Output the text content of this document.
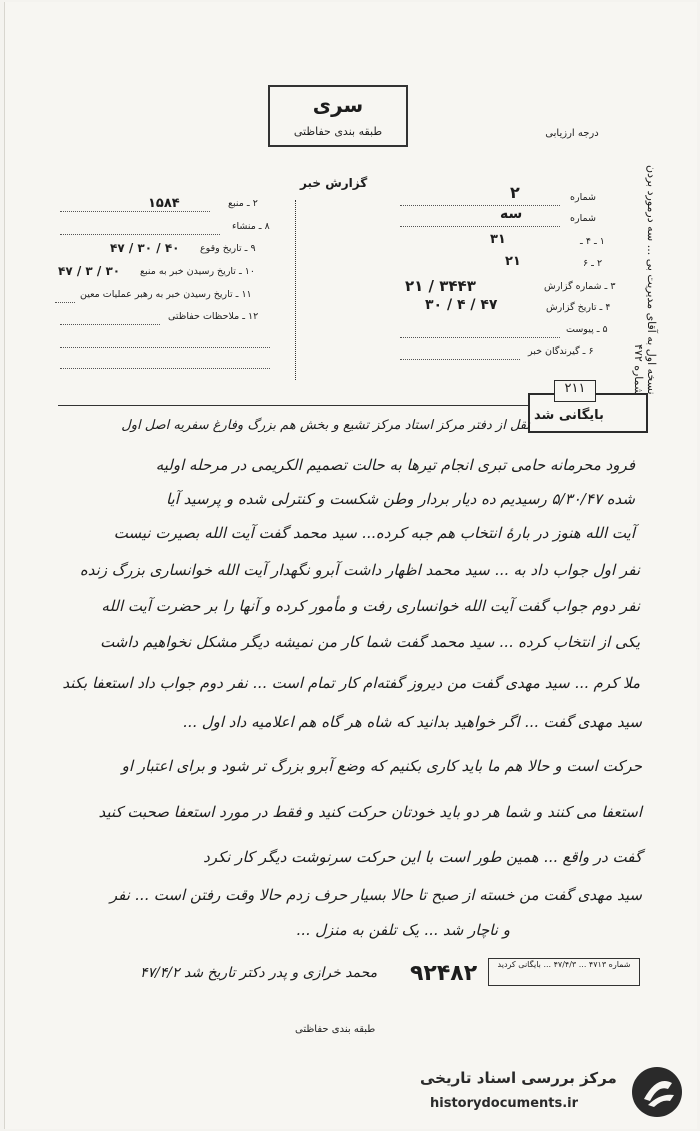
سری
طبقه بندی حفاظتی
گزارش خبر
درجه ارزیابی
۲ ـ منبع
۱۵۸۴
۸ ـ منشاء
۹ ـ تاریخ وقوع
۴۰ / ۳۰ / ۴۷
۱۰ ـ تاریخ رسیدن خبر به منبع
۳۰ / ۳ / ۴۷
۱۱ ـ تاریخ رسیدن خبر به رهبر عملیات معین
۱۲ ـ ملاحظات حفاظتی
شماره
۲
شماره
سه
۱ ـ ۴ ـ
۳۱
۲ ـ ۶
۲۱
۳ ـ شماره گزارش
۳۴۴۳ / ۲۱
۴ ـ تاریخ گزارش
۴۷ / ۴ / ۳۰
۵ ـ پیوست
۶ ـ گیرندگان خبر	نسخه اول به آقای مدیریت بی ... سه درمورد بردن شماره ۴۷۲
۲۱۱
بایگانی شد
نقل از دفتر مرکز استاد مرکز تشیع و بخش هم بزرگ وفارغ سفریه اصل اول
فرود محرمانه حامی تبری انجام تیرها به حالت تصمیم الکریمی در مرحله اولیه
شده ۵/۳۰/۴۷ رسیدیم ده دیار بردار وطن شکست و کنترلی شده و پرسید آیا
آیت الله هنوز در بارهٔ انتخاب هم جبه کرده... سید محمد گفت آیت الله بصیرت نیست
نفر اول جواب داد به ... سید محمد اظهار داشت آبرو نگهدار آیت الله خوانساری بزرگ زنده
نفر دوم جواب گفت آیت الله خوانساری رفت و مأمور کرده و آنها را بر حضرت آیت الله
یکی از انتخاب کرده ... سید محمد گفت شما کار من نمیشه دیگر مشکل نخواهیم داشت
ملا کرم ... سید مهدی گفت من دیروز گفته‌ام کار تمام است ... نفر دوم جواب داد استعفا بکند
سید مهدی گفت ... اگر خواهید بدانید که شاه هر گاه هم اعلامیه داد اول ...
حرکت است و حالا هم ما باید کاری بکنیم که وضع آبرو بزرگ تر شود و برای اعتبار او
استعفا می کنند و شما هر دو باید خودتان حرکت کنید و فقط در مورد استعفا صحبت کنید
گفت در واقع ... همین طور است با این حرکت سرنوشت دیگر کار نکرد
سید مهدی گفت من خسته از صبح تا حالا بسیار حرف زدم حالا وقت رفتن است ... نفر
و ناچار شد ... یک تلفن به منزل ...
شماره ۴۷۱۳ ... ۴۷/۴/۳ ... بایگانی کردید
۹۲۴۸۲
محمد خرازی و پدر دکتر تاریخ شد ۴۷/۴/۲
طبقه بندی حفاظتی
مرکز بررسی اسناد تاریخی
historydocuments.ir
